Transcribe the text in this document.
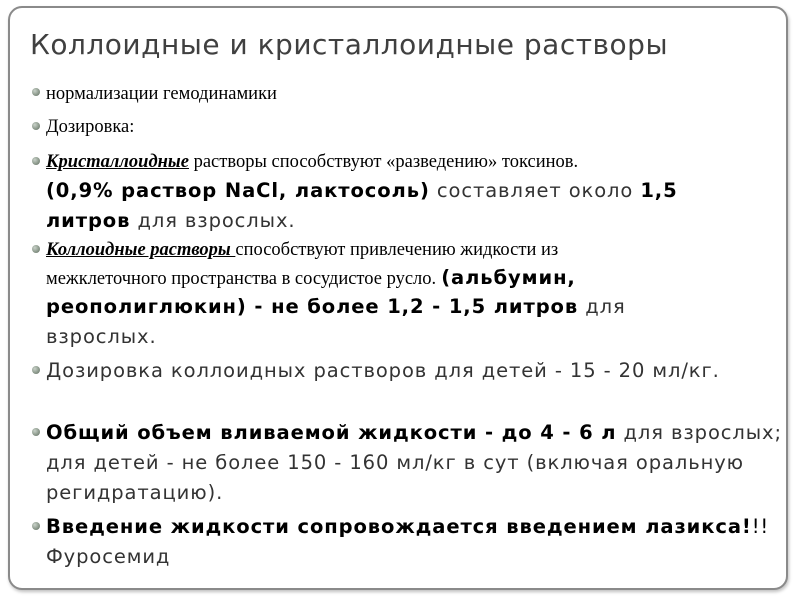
Коллоидные и кристаллоидные растворы
нормализации гемодинамики
Дозировка:
Кристаллоидные растворы способствуют «разведению» токсинов.
(0,9% раствор NaCl, лактосоль) составляет около 1,5
литров для взрослых.
Коллоидные растворы способствуют привлечению жидкости из
межклеточного пространства в сосудистое русло. (альбумин,
реополиглюкин) - не более 1,2 - 1,5 литров для
взрослых.
Дозировка коллоидных растворов для детей - 15 - 20 мл/кг.
Общий объем вливаемой жидкости - до 4 - 6 л для взрослых; для детей - не более 150 - 160 мл/кг в сут (включая оральную регидратацию).
Введение жидкости сопровождается введением лазикса!!!Фуросемид
